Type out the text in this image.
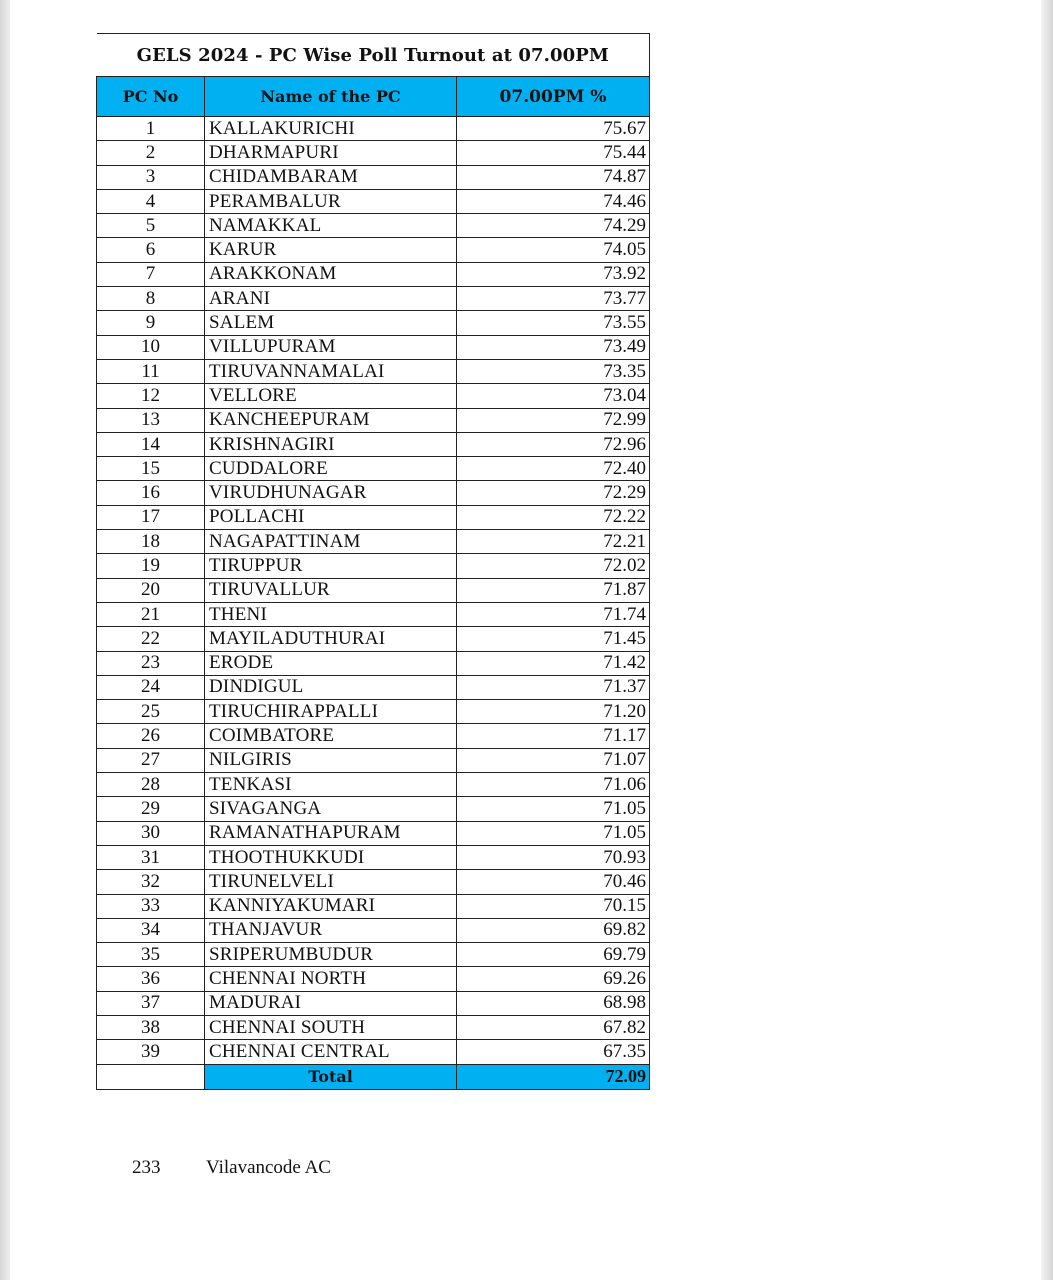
GELS 2024 - PC Wise Poll Turnout at 07.00PM		
PC No	Name of the PC	07.00PM %
1	KALLAKURICHI	75.67
2	DHARMAPURI	75.44
3	CHIDAMBARAM	74.87
4	PERAMBALUR	74.46
5	NAMAKKAL	74.29
6	KARUR	74.05
7	ARAKKONAM	73.92
8	ARANI	73.77
9	SALEM	73.55
10	VILLUPURAM	73.49
11	TIRUVANNAMALAI	73.35
12	VELLORE	73.04
13	KANCHEEPURAM	72.99
14	KRISHNAGIRI	72.96
15	CUDDALORE	72.40
16	VIRUDHUNAGAR	72.29
17	POLLACHI	72.22
18	NAGAPATTINAM	72.21
19	TIRUPPUR	72.02
20	TIRUVALLUR	71.87
21	THENI	71.74
22	MAYILADUTHURAI	71.45
23	ERODE	71.42
24	DINDIGUL	71.37
25	TIRUCHIRAPPALLI	71.20
26	COIMBATORE	71.17
27	NILGIRIS	71.07
28	TENKASI	71.06
29	SIVAGANGA	71.05
30	RAMANATHAPURAM	71.05
31	THOOTHUKKUDI	70.93
32	TIRUNELVELI	70.46
33	KANNIYAKUMARI	70.15
34	THANJAVUR	69.82
35	SRIPERUMBUDUR	69.79
36	CHENNAI NORTH	69.26
37	MADURAI	68.98
38	CHENNAI SOUTH	67.82
39	CHENNAI CENTRAL	67.35
	Total	72.09
233 Vilavancode AC
